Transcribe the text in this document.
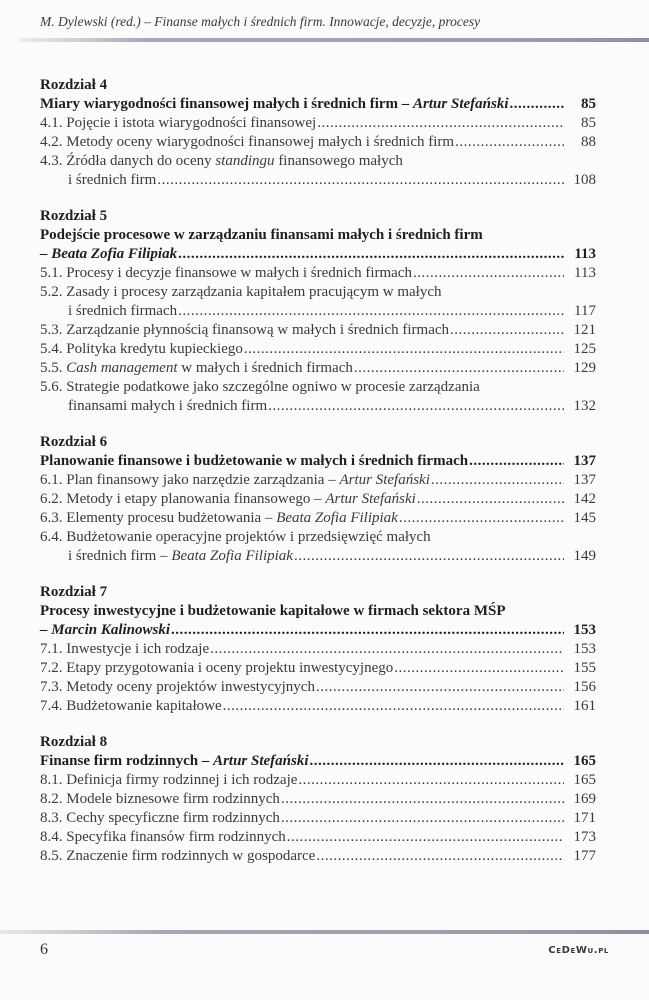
M. Dylewski (red.) – Finanse małych i średnich firm. Innowacje, decyzje, procesy
Rozdział 4
Miary wiarygodności finansowej małych i średnich firm – Artur Stefański .....	85
4.1. Pojęcie i istota wiarygodności finansowej .....	85
4.2. Metody oceny wiarygodności finansowej małych i średnich firm .....	88
4.3. Źródła danych do oceny standingu finansowego małych
i średnich firm .....	108
Rozdział 5
Podejście procesowe w zarządzaniu finansami małych i średnich firm
– Beata Zofia Filipiak .....	113
5.1. Procesy i decyzje finansowe w małych i średnich firmach .....	113
5.2. Zasady i procesy zarządzania kapitałem pracującym w małych
i średnich firmach .....	117
5.3. Zarządzanie płynnością finansową w małych i średnich firmach .....	121
5.4. Polityka kredytu kupieckiego .....	125
5.5. Cash management w małych i średnich firmach .....	129
5.6. Strategie podatkowe jako szczególne ogniwo w procesie zarządzania
finansami małych i średnich firm .....	132
Rozdział 6
Planowanie finansowe i budżetowanie w małych i średnich firmach .....	137
6.1. Plan finansowy jako narzędzie zarządzania – Artur Stefański .....	137
6.2. Metody i etapy planowania finansowego – Artur Stefański .....	142
6.3. Elementy procesu budżetowania – Beata Zofia Filipiak .....	145
6.4. Budżetowanie operacyjne projektów i przedsięwzięć małych
i średnich firm – Beata Zofia Filipiak .....	149
Rozdział 7
Procesy inwestycyjne i budżetowanie kapitałowe w firmach sektora MŚP
– Marcin Kalinowski .....	153
7.1. Inwestycje i ich rodzaje .....	153
7.2. Etapy przygotowania i oceny projektu inwestycyjnego .....	155
7.3. Metody oceny projektów inwestycyjnych .....	156
7.4. Budżetowanie kapitałowe .....	161
Rozdział 8
Finanse firm rodzinnych – Artur Stefański .....	165
8.1. Definicja firmy rodzinnej i ich rodzaje .....	165
8.2. Modele biznesowe firm rodzinnych .....	169
8.3. Cechy specyficzne firm rodzinnych .....	171
8.4. Specyfika finansów firm rodzinnych .....	173
8.5. Znaczenie firm rodzinnych w gospodarce .....	177
6	CeDeWu.pl
